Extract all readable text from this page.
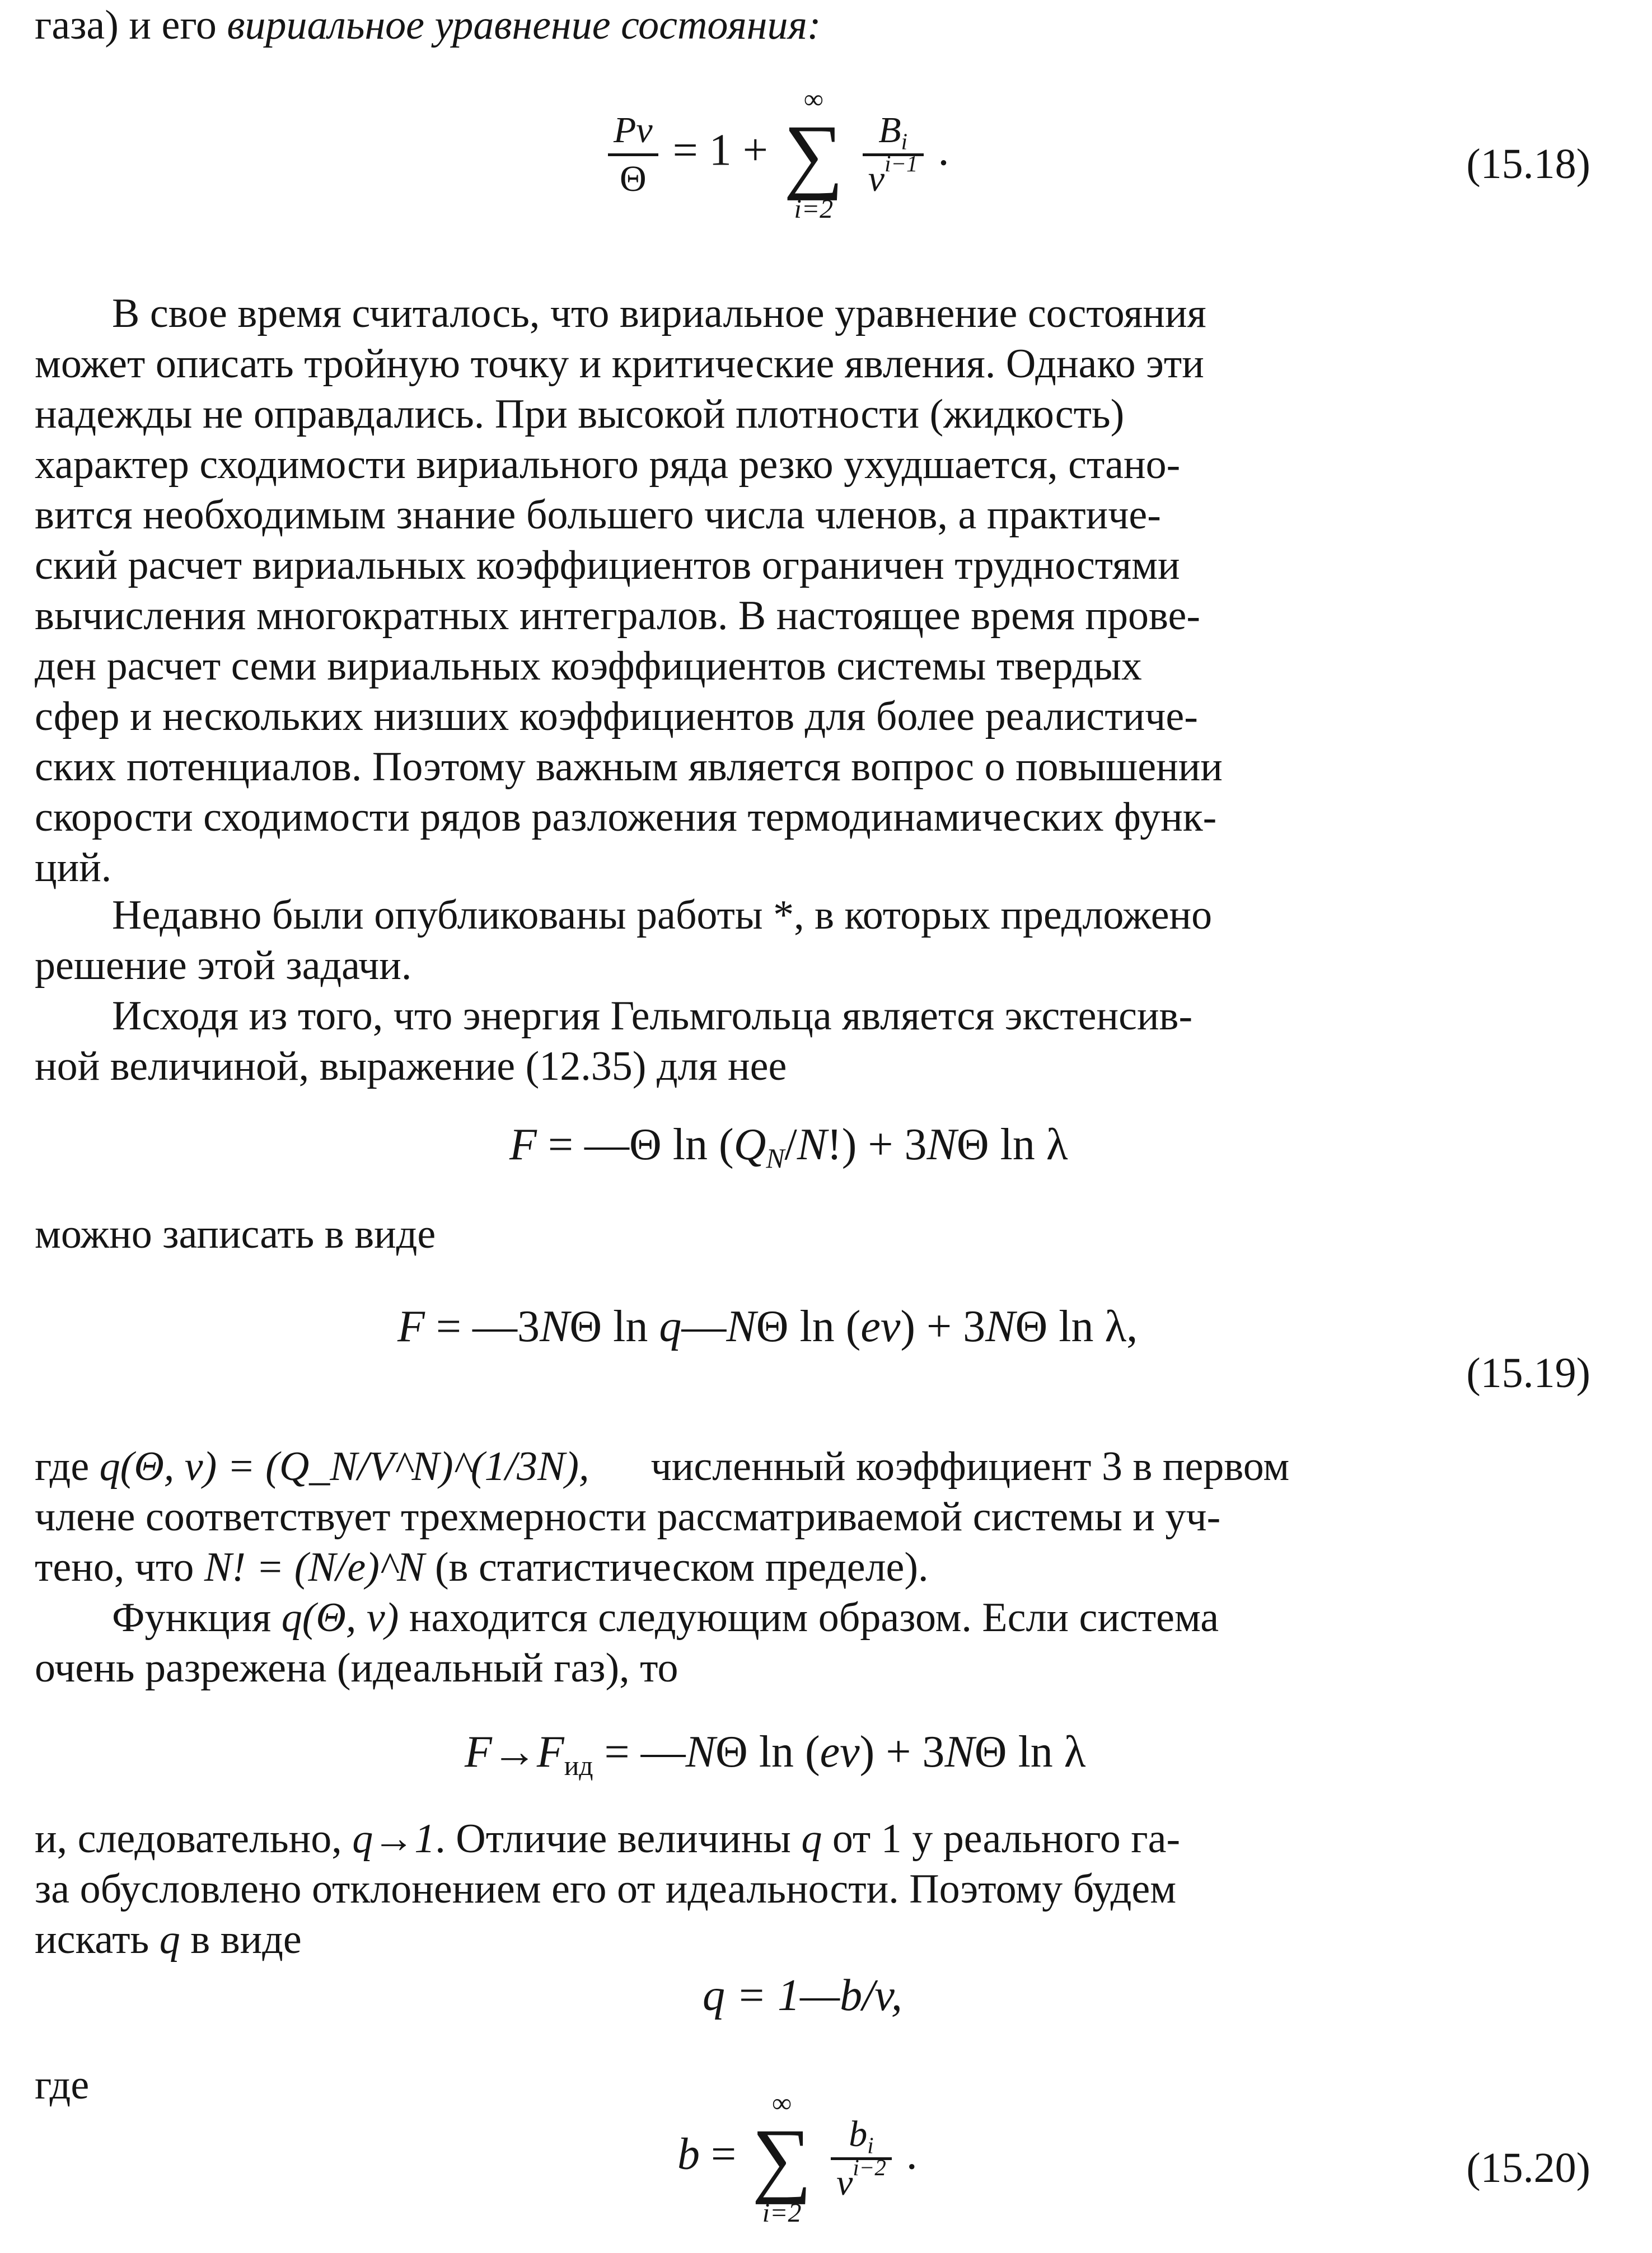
газа) и его вириальное уравнение состояния:

$\frac{Pv}{\Theta} = 1$ +
∞
∑
i=2

$\frac{B_i}{v^{i-1}}$ .	(15.18)
В свое время считалось, что вириальное уравнение состояния
может описать тройную точку и критические явления. Однако эти
надежды не оправдались. При высокой плотности (жидкость)
характер сходимости вириального ряда резко ухудшается, стано-
вится необходимым знание большего числа членов, а практиче-
ский расчет вириальных коэффициентов ограничен трудностями
вычисления многократных интегралов. В настоящее время прове-
ден расчет семи вириальных коэффициентов системы твердых
сфер и нескольких низших коэффициентов для более реалистиче-
ских потенциалов. Поэтому важным является вопрос о повышении
скорости сходимости рядов разложения термодинамических функ-
ций.
Недавно были опубликованы работы *, в которых предложено
решение этой задачи.
Исходя из того, что энергия Гельмгольца является экстенсив-
ной величиной, выражение (12.35) для нее
F = —Θ $\ln (Q_N/N!) + 3N\Theta$ ln λ
можно записать в виде
F = —3NΘ ln q—NΘ ln (ev) + 3NΘ ln λ,
(15.19)
где q(Θ, v) = (Q_N/V^N)^(1/3N), численный коэффициент 3 в первом
члене соответствует трехмерности рассматриваемой системы и уч-
тено, что N! = (N/e)^N (в статистическом пределе).
Функция q(Θ, v) находится следующим образом. Если система
очень разрежена (идеальный газ), то
$F\to F_{ид}$ = —NΘ ln (ev) + 3NΘ ln λ
и, следовательно, q→1. Отличие величины q от 1 у реального га-
за обусловлено отклонением его от идеальности. Поэтому будем
искать q в виде
q = 1—b/v,
где
b =
∞
∑
i=2

$\frac{b_i}{v^{i-2}}$ .	(15.20)
